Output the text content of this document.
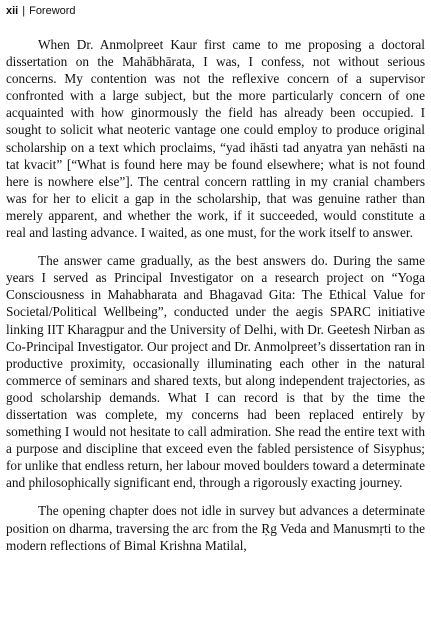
xii | Foreword

When Dr. Anmolpreet Kaur first came to me proposing a doctoral dissertation on the Mahābhārata, I was, I confess, not without serious concerns. My contention was not the reflexive concern of a supervisor confronted with a large subject, but the more particularly concern of one acquainted with how ginormously the field has already been occupied. I sought to solicit what neoteric vantage one could employ to produce original scholarship on a text which proclaims, “yad ihāsti tad anyatra yan nehāsti na tat kvacit” [“What is found here may be found elsewhere; what is not found here is nowhere else”]. The central concern rattling in my cranial chambers was for her to elicit a gap in the scholarship, that was genuine rather than merely apparent, and whether the work, if it succeeded, would constitute a real and lasting advance. I waited, as one must, for the work itself to answer.

The answer came gradually, as the best answers do. During the same years I served as Principal Investigator on a research project on “Yoga Consciousness in Mahabharata and Bhagavad Gita: The Ethical Value for Societal/Political Wellbeing”, conducted under the aegis SPARC initiative linking IIT Kharagpur and the University of Delhi, with Dr. Geetesh Nirban as Co-Principal Investigator. Our project and Dr. Anmolpreet’s dissertation ran in productive proximity, occasionally illuminating each other in the natural commerce of seminars and shared texts, but along independent trajectories, as good scholarship demands. What I can record is that by the time the dissertation was complete, my concerns had been replaced entirely by something I would not hesitate to call admiration. She read the entire text with a purpose and discipline that exceed even the fabled persistence of Sisyphus; for unlike that endless return, her labour moved boulders toward a determinate and philosophically significant end, through a rigorously exacting journey.

The opening chapter does not idle in survey but advances a determinate position on dharma, traversing the arc from the Ṛg Veda and Manusmṛti to the modern reflections of Bimal Krishna Matilal,
